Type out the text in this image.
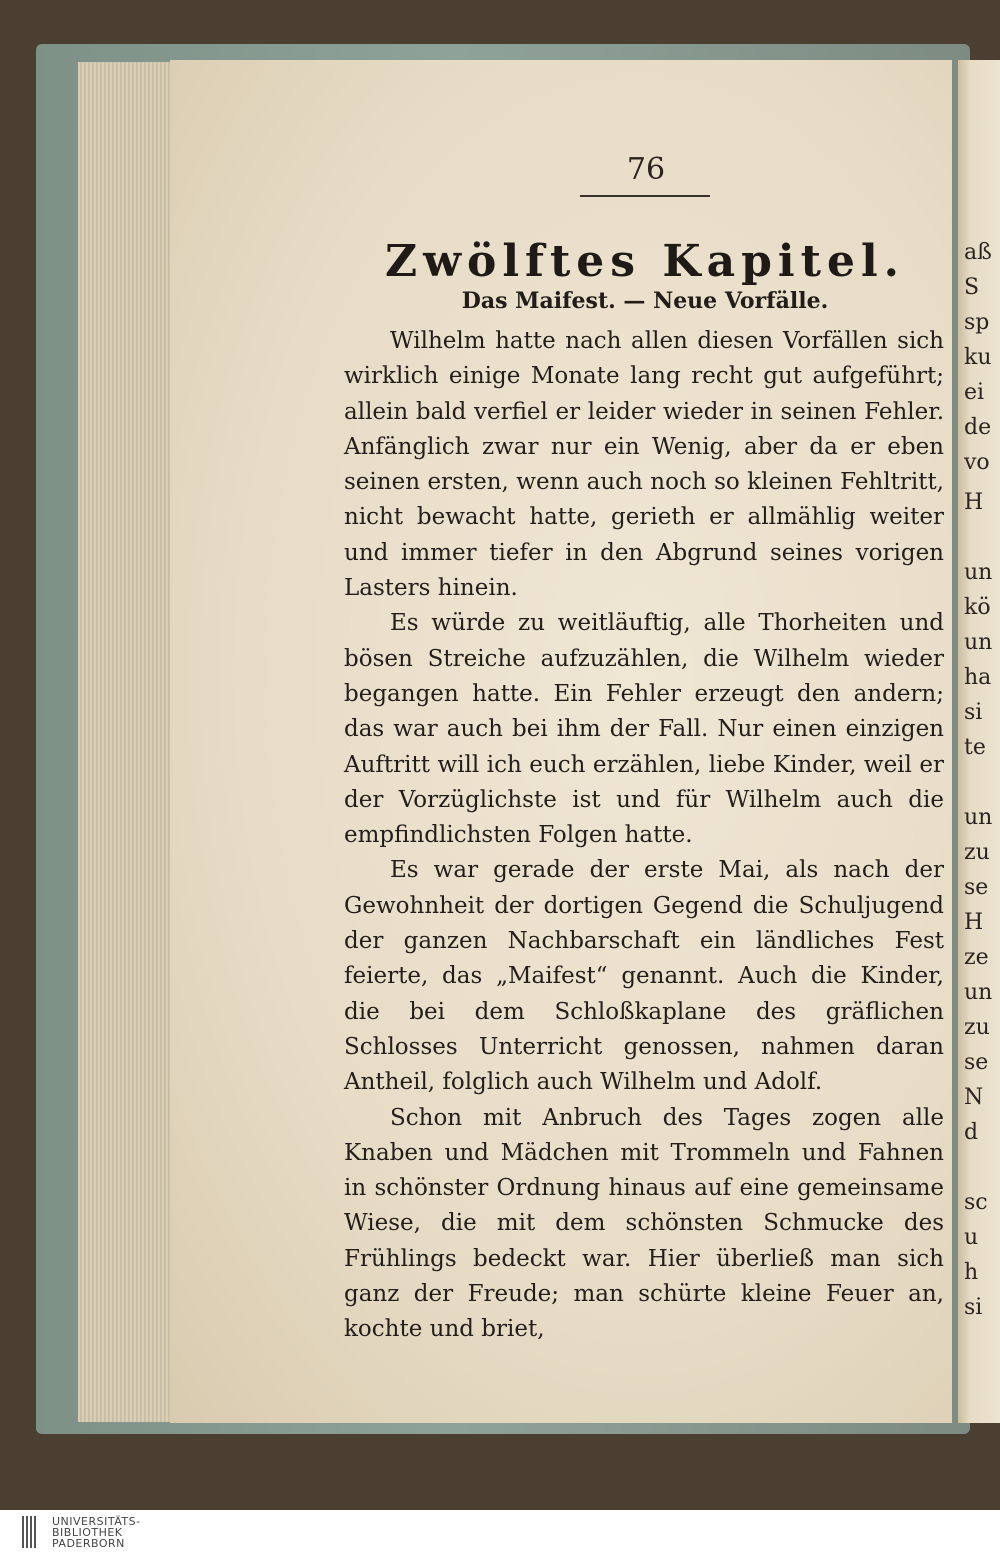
aß
S
sp
ku
ei
de
vo
H
un
kö
un
ha
si
te
un
zu
se
H
ze
un
zu
se
N
d
sc
u
h
si
76
Zwölftes Kapitel.
Das Maifest. — Neue Vorfälle.

Wilhelm hatte nach allen diesen Vorfällen sich wirklich einige Monate lang recht gut aufgeführt; allein bald verfiel er leider wieder in seinen Fehler. Anfänglich zwar nur ein Wenig, aber da er eben seinen ersten, wenn auch noch so kleinen Fehltritt, nicht bewacht hatte, gerieth er allmählig weiter und immer tiefer in den Abgrund seines vorigen Lasters hinein.

Es würde zu weitläuftig, alle Thorheiten und bösen Streiche aufzuzählen, die Wilhelm wieder begangen hatte. Ein Fehler erzeugt den andern; das war auch bei ihm der Fall. Nur einen einzigen Auftritt will ich euch erzählen, liebe Kinder, weil er der Vorzüglichste ist und für Wilhelm auch die empfindlichsten Folgen hatte.

Es war gerade der erste Mai, als nach der Gewohnheit der dortigen Gegend die Schuljugend der ganzen Nachbarschaft ein ländliches Fest feierte, das „Maifest“ genannt. Auch die Kinder, die bei dem Schloßkaplane des gräflichen Schlosses Unterricht genossen, nahmen daran Antheil, folglich auch Wilhelm und Adolf.

Schon mit Anbruch des Tages zogen alle Knaben und Mädchen mit Trommeln und Fahnen in schönster Ordnung hinaus auf eine gemeinsame Wiese, die mit dem schönsten Schmucke des Frühlings bedeckt war. Hier überließ man sich ganz der Freude; man schürte kleine Feuer an, kochte und briet,

UNIVERSITÄTS-
BIBLIOTHEK
PADERBORN
